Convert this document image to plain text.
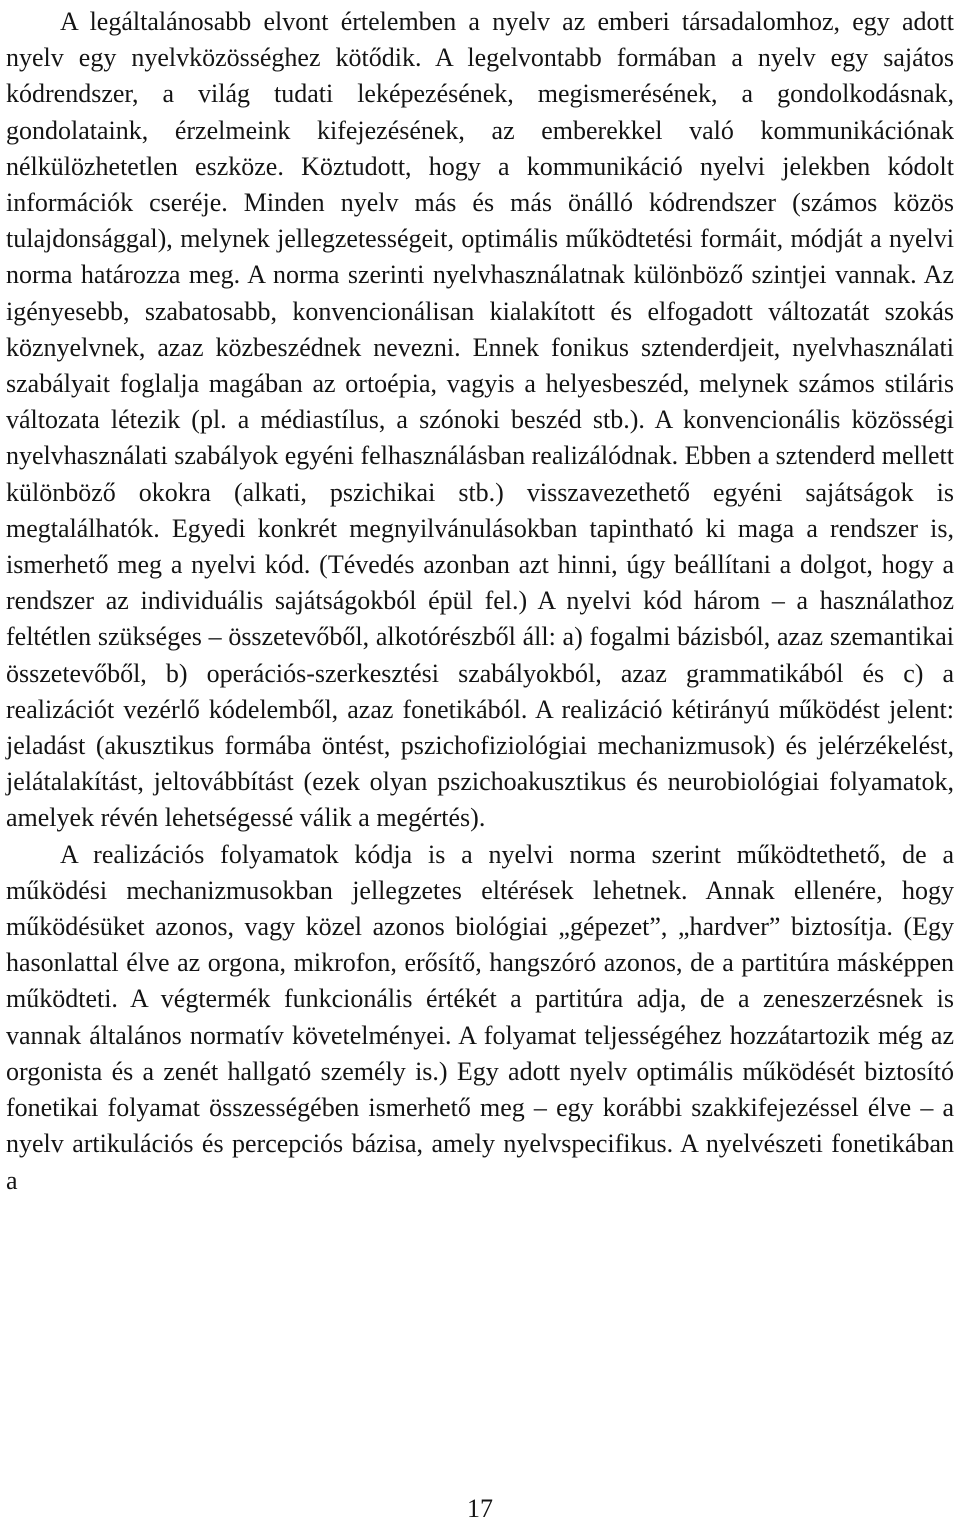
A legáltalánosabb elvont értelemben a nyelv az emberi társadalomhoz, egy adott nyelv egy nyelvközösséghez kötődik. A legelvontabb formában a nyelv egy sajátos kódrendszer, a világ tudati leképezésének, megismerésének, a gondolkodásnak, gondolataink, érzelmeink kifejezésének, az emberekkel való kommunikációnak nélkülözhetetlen eszköze. Köztudott, hogy a kommunikáció nyelvi jelekben kódolt információk cseréje. Minden nyelv más és más önálló kódrendszer (számos közös tulajdonsággal), melynek jellegzetességeit, optimális működtetési formáit, módját a nyelvi norma határozza meg. A norma szerinti nyelvhasználatnak különböző szintjei vannak. Az igényesebb, szabatosabb, konvencionálisan kialakított és elfogadott változatát szokás köznyelvnek, azaz közbeszédnek nevezni. Ennek fonikus sztenderdjeit, nyelvhasználati szabályait foglalja magában az ortoépia, vagyis a helyesbeszéd, melynek számos stiláris változata létezik (pl. a médiastílus, a szónoki beszéd stb.). A konvencionális közösségi nyelvhasználati szabályok egyéni felhasználásban realizálódnak. Ebben a sztenderd mellett különböző okokra (alkati, pszichikai stb.) visszavezethető egyéni sajátságok is megtalálhatók. Egyedi konkrét megnyilvánulásokban tapintható ki maga a rendszer is, ismerhető meg a nyelvi kód. (Tévedés azonban azt hinni, úgy beállítani a dolgot, hogy a rendszer az individuális sajátságokból épül fel.) A nyelvi kód három – a használathoz feltétlen szükséges – összetevőből, alkotórészből áll: a) fogalmi bázisból, azaz szemantikai összetevőből, b) operációs-szerkesztési szabályokból, azaz grammatikából és c) a realizációt vezérlő kódelemből, azaz fonetikából. A realizáció kétirányú működést jelent: jeladást (akusztikus formába öntést, pszichofiziológiai mechanizmusok) és jelérzékelést, jelátalakítást, jeltovábbítást (ezek olyan pszichoakusztikus és neurobiológiai folyamatok, amelyek révén lehetségessé válik a megértés).

A realizációs folyamatok kódja is a nyelvi norma szerint működtethető, de a működési mechanizmusokban jellegzetes eltérések lehetnek. Annak ellenére, hogy működésüket azonos, vagy közel azonos biológiai „gépezet”, „hardver” biztosítja. (Egy hasonlattal élve az orgona, mikrofon, erősítő, hangszóró azonos, de a partitúra másképpen működteti. A végtermék funkcionális értékét a partitúra adja, de a zeneszerzésnek is vannak általános normatív követelményei. A folyamat teljességéhez hozzátartozik még az orgonista és a zenét hallgató személy is.) Egy adott nyelv optimális működését biztosító fonetikai folyamat összességében ismerhető meg – egy korábbi szakkifejezéssel élve – a nyelv artikulációs és percepciós bázisa, amely nyelvspecifikus. A nyelvészeti fonetikában a

17
